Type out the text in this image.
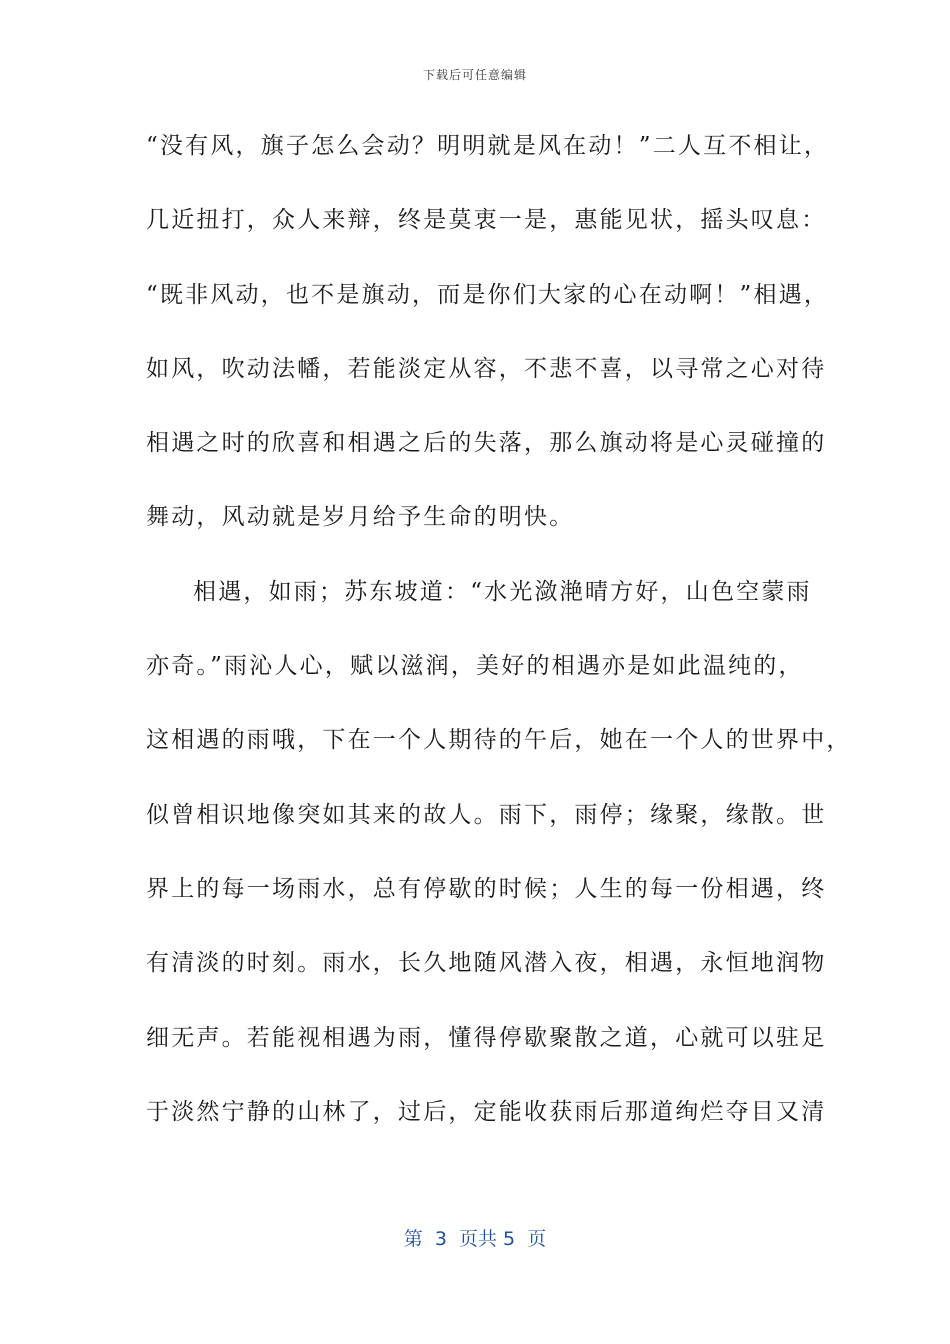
下载后可任意编辑
“没有风，旗子怎么会动？明明就是风在动！”二人互不相让，
几近扭打，众人来辩，终是莫衷一是，惠能见状，摇头叹息：
“既非风动，也不是旗动，而是你们大家的心在动啊！”相遇，
如风，吹动法幡，若能淡定从容，不悲不喜，以寻常之心对待
相遇之时的欣喜和相遇之后的失落，那么旗动将是心灵碰撞的
舞动，风动就是岁月给予生命的明快。
相遇，如雨；苏东坡道：“水光潋滟晴方好，山色空蒙雨
亦奇。”雨沁人心，赋以滋润，美好的相遇亦是如此温纯的，
这相遇的雨哦，下在一个人期待的午后，她在一个人的世界中，
似曾相识地像突如其来的故人。雨下，雨停；缘聚，缘散。世
界上的每一场雨水，总有停歇的时候；人生的每一份相遇，终
有清淡的时刻。雨水，长久地随风潜入夜，相遇，永恒地润物
细无声。若能视相遇为雨，懂得停歇聚散之道，心就可以驻足
于淡然宁静的山林了，过后，定能收获雨后那道绚烂夺目又清
第  3  页共 5  页
